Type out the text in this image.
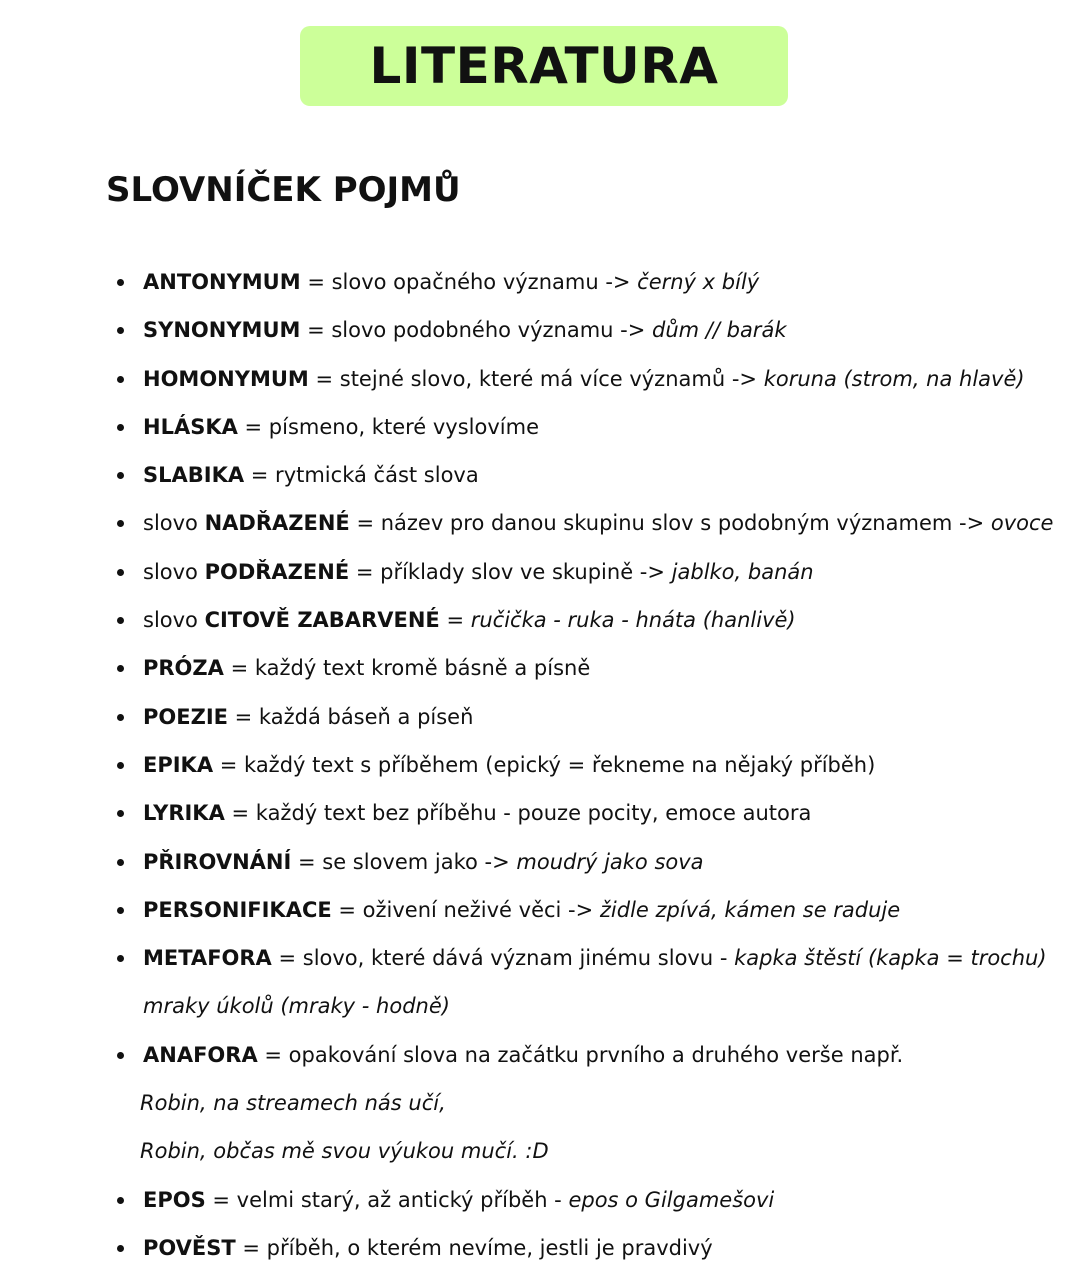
LITERATURA
SLOVNÍČEK POJMŮ
ANTONYMUM = slovo opačného významu -> černý x bílý
SYNONYMUM = slovo podobného významu -> dům // barák
HOMONYMUM = stejné slovo, které má více významů -> koruna (strom, na hlavě)
HLÁSKA = písmeno, které vyslovíme
SLABIKA = rytmická část slova
slovo NADŘAZENÉ = název pro danou skupinu slov s podobným významem -> ovoce
slovo PODŘAZENÉ = příklady slov ve skupině -> jablko, banán
slovo CITOVĚ ZABARVENÉ = ručička - ruka - hnáta (hanlivě)
PRÓZA = každý text kromě básně a písně
POEZIE = každá báseň a píseň
EPIKA = každý text s příběhem (epický = řekneme na nějaký příběh)
LYRIKA = každý text bez příběhu - pouze pocity, emoce autora
PŘIROVNÁNÍ = se slovem jako -> moudrý jako sova
PERSONIFIKACE = oživení neživé věci -> židle zpívá, kámen se raduje
METAFORA = slovo, které dává význam jinému slovu - kapka štěstí (kapka = trochu)
mraky úkolů (mraky - hodně)
ANAFORA = opakování slova na začátku prvního a druhého verše např.
Robin, na streamech nás učí,
Robin, občas mě svou výukou mučí. :D
EPOS = velmi starý, až antický příběh - epos o Gilgamešovi
POVĚST = příběh, o kterém nevíme, jestli je pravdivý
